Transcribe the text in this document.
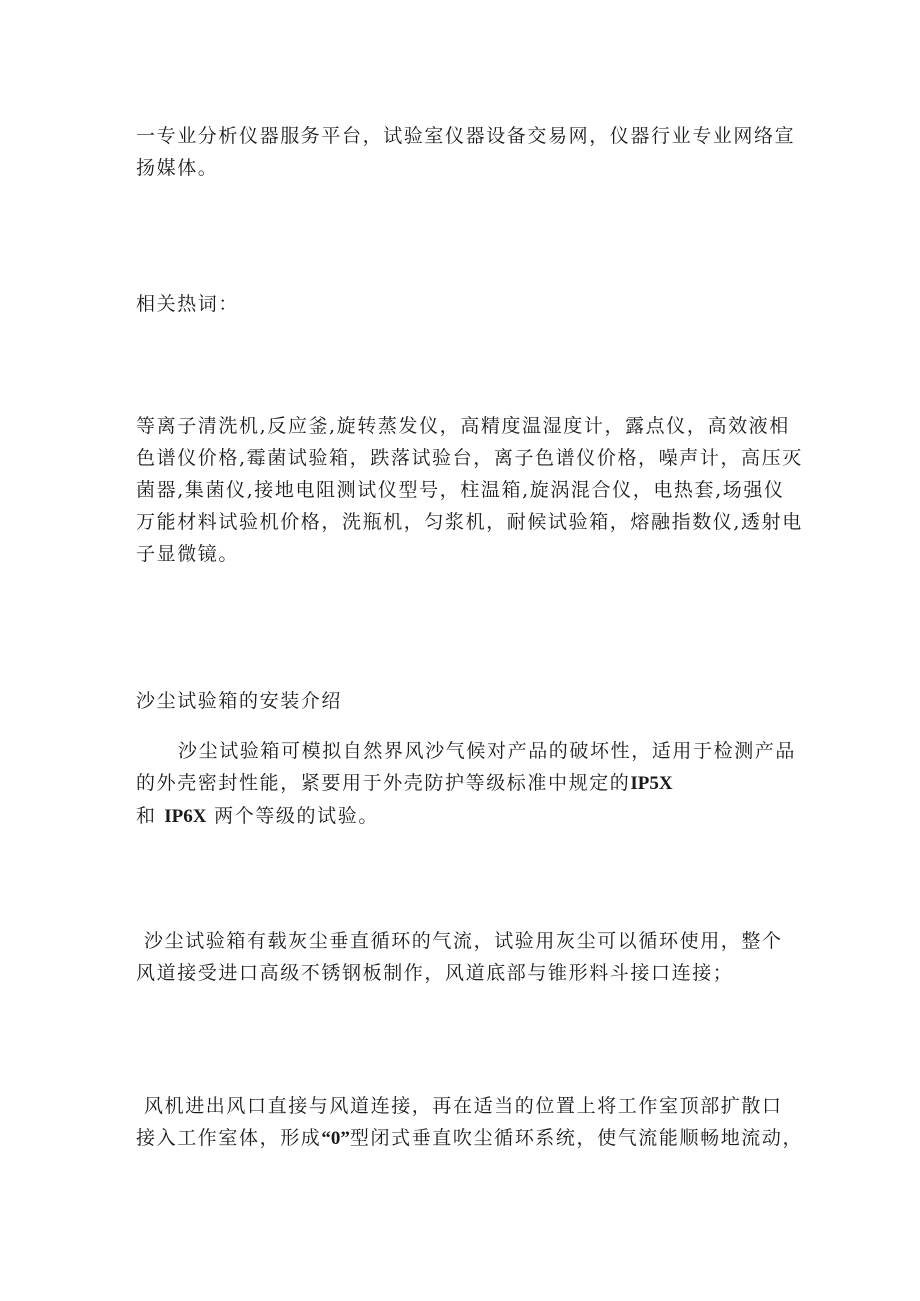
一专业分析仪器服务平台，试验室仪器设备交易网，仪器行业专业网络宣
扬媒体。
相关热词：
等离子清洗机,反应釜,旋转蒸发仪，高精度温湿度计，露点仪，高效液相
色谱仪价格,霉菌试验箱，跌落试验台，离子色谱仪价格，噪声计，高压灭
菌器,集菌仪,接地电阻测试仪型号，柱温箱,旋涡混合仪，电热套,场强仪
万能材料试验机价格，洗瓶机，匀浆机，耐候试验箱，熔融指数仪,透射电
子显微镜。
沙尘试验箱的安装介绍
沙尘试验箱可模拟自然界风沙气候对产品的破坏性，适用于检测产品
的外壳密封性能，紧要用于外壳防护等级标准中规定的IP5X
和 IP6X 两个等级的试验。
沙尘试验箱有载灰尘垂直循环的气流，试验用灰尘可以循环使用，整个
风道接受进口高级不锈钢板制作，风道底部与锥形料斗接口连接；
风机进出风口直接与风道连接，再在适当的位置上将工作室顶部扩散口
接入工作室体，形成“0”型闭式垂直吹尘循环系统，使气流能顺畅地流动，
